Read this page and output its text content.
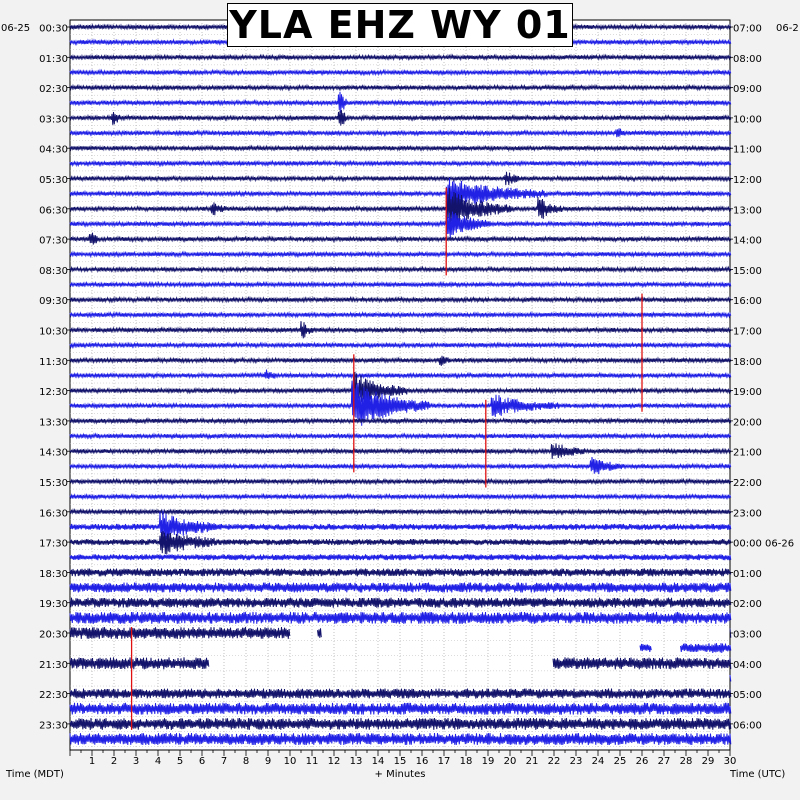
1 2 3 4 5 6 7 8 9 10 11 12 13 14 15 16 17 18 19 20 21 22 23 24 25 26 27 28 29 30
00:30
01:30
02:30
03:30
04:30
05:30
06:30
07:30
08:30
09:30
10:30
11:30
12:30
13:30
14:30
15:30
16:30
17:30
18:30
19:30
20:30
21:30
22:30
23:30
07:00
08:00
09:00
10:00
11:00
12:00
13:00
14:00
15:00
16:00
17:00
18:00
19:00
20:00
21:00
22:00
23:00
00:00 06-26
01:00
02:00
03:00
04:00
05:00
06:00
06-25	06-2
+ Minutes
Time (MDT)	Time (UTC)
YLA EHZ WY 01
